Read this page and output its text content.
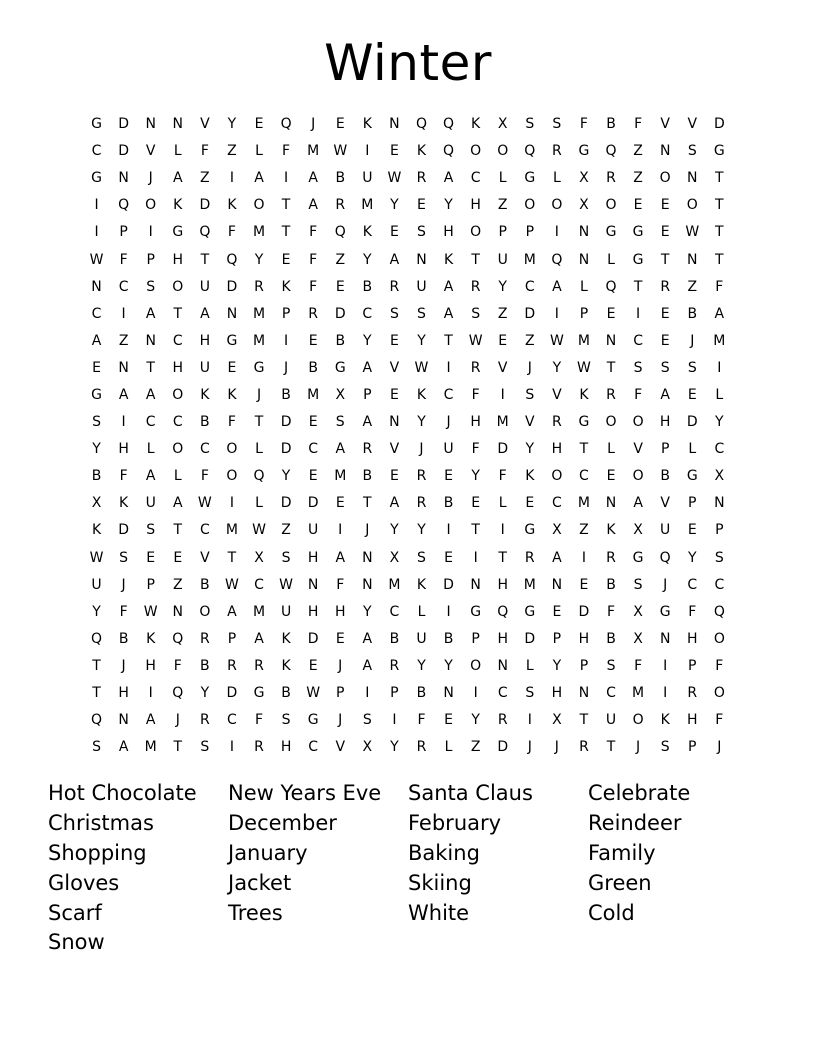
Winter
G	D	N	N	V	Y	E	Q	J	E	K	N	Q	Q	K	X	S	S	F	B	F	V	V	D
C	D	V	L	F	Z	L	F	M	W	I	E	K	Q	O	O	Q	R	G	Q	Z	N	S	G
G	N	J	A	Z	I	A	I	A	B	U	W	R	A	C	L	G	L	X	R	Z	O	N	T
I	Q	O	K	D	K	O	T	A	R	M	Y	E	Y	H	Z	O	O	X	O	E	E	O	T
I	P	I	G	Q	F	M	T	F	Q	K	E	S	H	O	P	P	I	N	G	G	E	W	T
W	F	P	H	T	Q	Y	E	F	Z	Y	A	N	K	T	U	M	Q	N	L	G	T	N	T
N	C	S	O	U	D	R	K	F	E	B	R	U	A	R	Y	C	A	L	Q	T	R	Z	F
C	I	A	T	A	N	M	P	R	D	C	S	S	A	S	Z	D	I	P	E	I	E	B	A
A	Z	N	C	H	G	M	I	E	B	Y	E	Y	T	W	E	Z	W	M	N	C	E	J	M
E	N	T	H	U	E	G	J	B	G	A	V	W	I	R	V	J	Y	W	T	S	S	S	I
G	A	A	O	K	K	J	B	M	X	P	E	K	C	F	I	S	V	K	R	F	A	E	L
S	I	C	C	B	F	T	D	E	S	A	N	Y	J	H	M	V	R	G	O	O	H	D	Y
Y	H	L	O	C	O	L	D	C	A	R	V	J	U	F	D	Y	H	T	L	V	P	L	C
B	F	A	L	F	O	Q	Y	E	M	B	E	R	E	Y	F	K	O	C	E	O	B	G	X
X	K	U	A	W	I	L	D	D	E	T	A	R	B	E	L	E	C	M	N	A	V	P	N
K	D	S	T	C	M	W	Z	U	I	J	Y	Y	I	T	I	G	X	Z	K	X	U	E	P
W	S	E	E	V	T	X	S	H	A	N	X	S	E	I	T	R	A	I	R	G	Q	Y	S
U	J	P	Z	B	W	C	W	N	F	N	M	K	D	N	H	M	N	E	B	S	J	C	C
Y	F	W	N	O	A	M	U	H	H	Y	C	L	I	G	Q	G	E	D	F	X	G	F	Q
Q	B	K	Q	R	P	A	K	D	E	A	B	U	B	P	H	D	P	H	B	X	N	H	O
T	J	H	F	B	R	R	K	E	J	A	R	Y	Y	O	N	L	Y	P	S	F	I	P	F
T	H	I	Q	Y	D	G	B	W	P	I	P	B	N	I	C	S	H	N	C	M	I	R	O
Q	N	A	J	R	C	F	S	G	J	S	I	F	E	Y	R	I	X	T	U	O	K	H	F
S	A	M	T	S	I	R	H	C	V	X	Y	R	L	Z	D	J	J	R	T	J	S	P	J
Hot Chocolate	New Years Eve	Santa Claus	Celebrate
Christmas	December	February	Reindeer
Shopping	January	Baking	Family
Gloves	Jacket	Skiing	Green
Scarf	Trees	White	Cold
Snow
